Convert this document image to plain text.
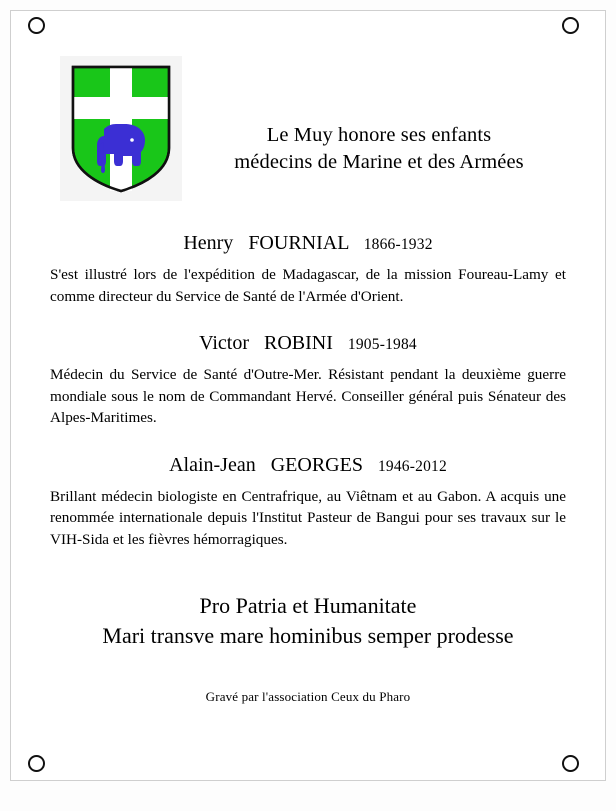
Le Muy honore ses enfants
médecins de Marine et des Armées
Henry FOURNIAL 1866-1932
S'est illustré lors de l'expédition de Madagascar, de la mission Foureau-Lamy et comme directeur du Service de Santé de l'Armée d'Orient.
Victor ROBINI 1905-1984
Médecin du Service de Santé d'Outre-Mer. Résistant pendant la deuxième guerre mondiale sous le nom de Commandant Hervé. Conseiller général puis Sénateur des Alpes-Maritimes.
Alain-Jean GEORGES 1946-2012
Brillant médecin biologiste en Centrafrique, au Viêtnam et au Gabon. A acquis une renommée internationale depuis l'Institut Pasteur de Bangui pour ses travaux sur le VIH-Sida et les fièvres hémorragiques.
Pro Patria et Humanitate
Mari transve mare hominibus semper prodesse
Gravé par l'association Ceux du Pharo
